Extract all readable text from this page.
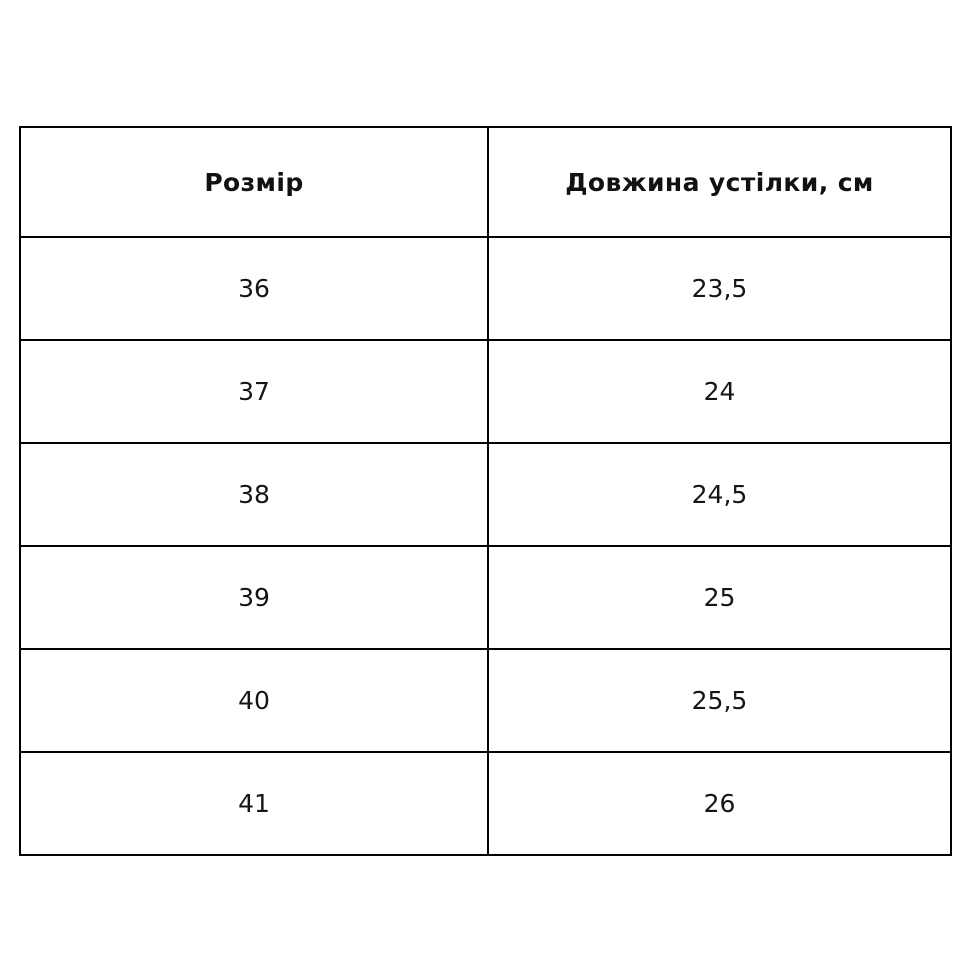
Розмір	Довжина устілки, см
36	23,5
37	24
38	24,5
39	25
40	25,5
41	26
